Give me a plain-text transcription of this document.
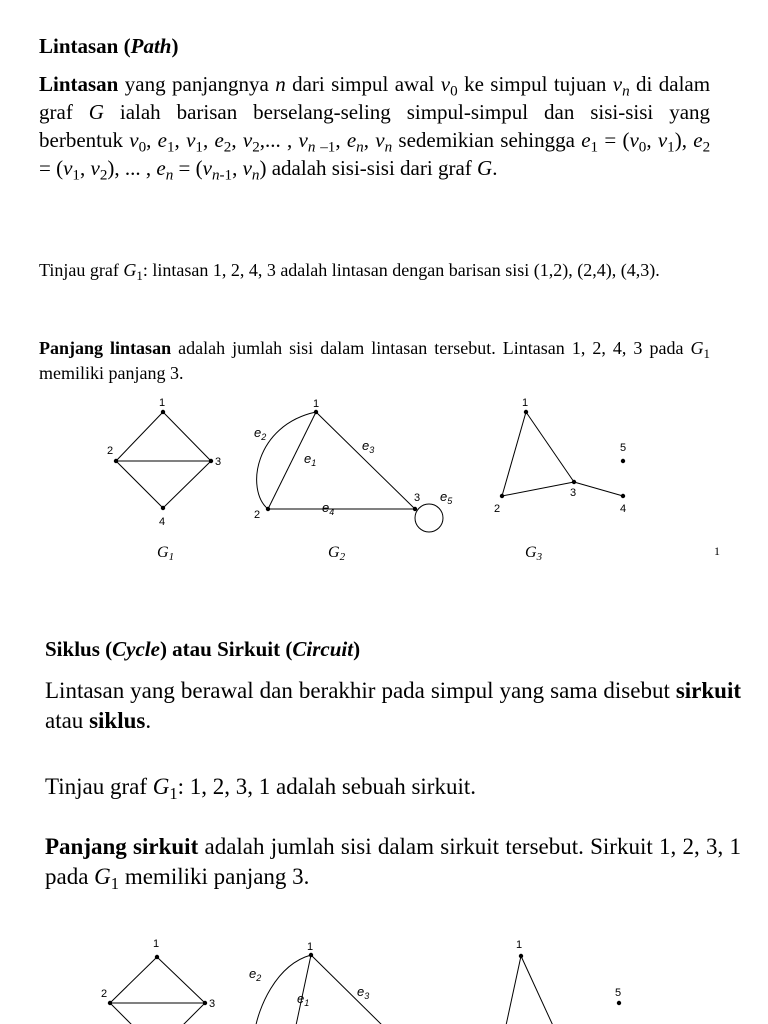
Lintasan (Path)

Lintasan yang panjangnya n dari simpul awal $v_0$ ke simpul tujuan $v_n$ di dalam graf G ialah barisan berselang-seling simpul-simpul dan sisi-sisi yang berbentuk $v_0$, $e_1$, $v_1$, $e_2$, $v_2$,... , $v_n$ $_{-1}$, $e_n$, $v_n$ sedemikian sehingga $e_1 = (v_0$, $v_1$), $e_2 = (v_1$, $v_2$), ... , $e_n = (v_{n-1}$, $v_n$) adalah sisi-sisi dari graf G.

Tinjau graf $G_1$: lintasan 1, 2, 4, 3 adalah lintasan dengan barisan sisi (1,2), (2,4), (4,3).

Panjang lintasan adalah jumlah sisi dalam lintasan tersebut. Lintasan 1, 2, 4, 3 pada $G_1$ memiliki panjang 3.

1
2
3
4
1
2
3
1
2
3
4
5
$e_1$
$e_2$
$e_3$
$e_4$
$e_5$
G1	G2	G3	1

Siklus (Cycle) atau Sirkuit (Circuit)

Lintasan yang berawal dan berakhir pada simpul yang sama disebut sirkuit atau siklus.

Tinjau graf $G_1$: 1, 2, 3, 1 adalah sebuah sirkuit.

Panjang sirkuit adalah jumlah sisi dalam sirkuit tersebut. Sirkuit 1, 2, 3, 1 pada $G_1$ memiliki panjang 3.

1
2
3
1	1
5
$e_2$
$e_1$
$e_3$
